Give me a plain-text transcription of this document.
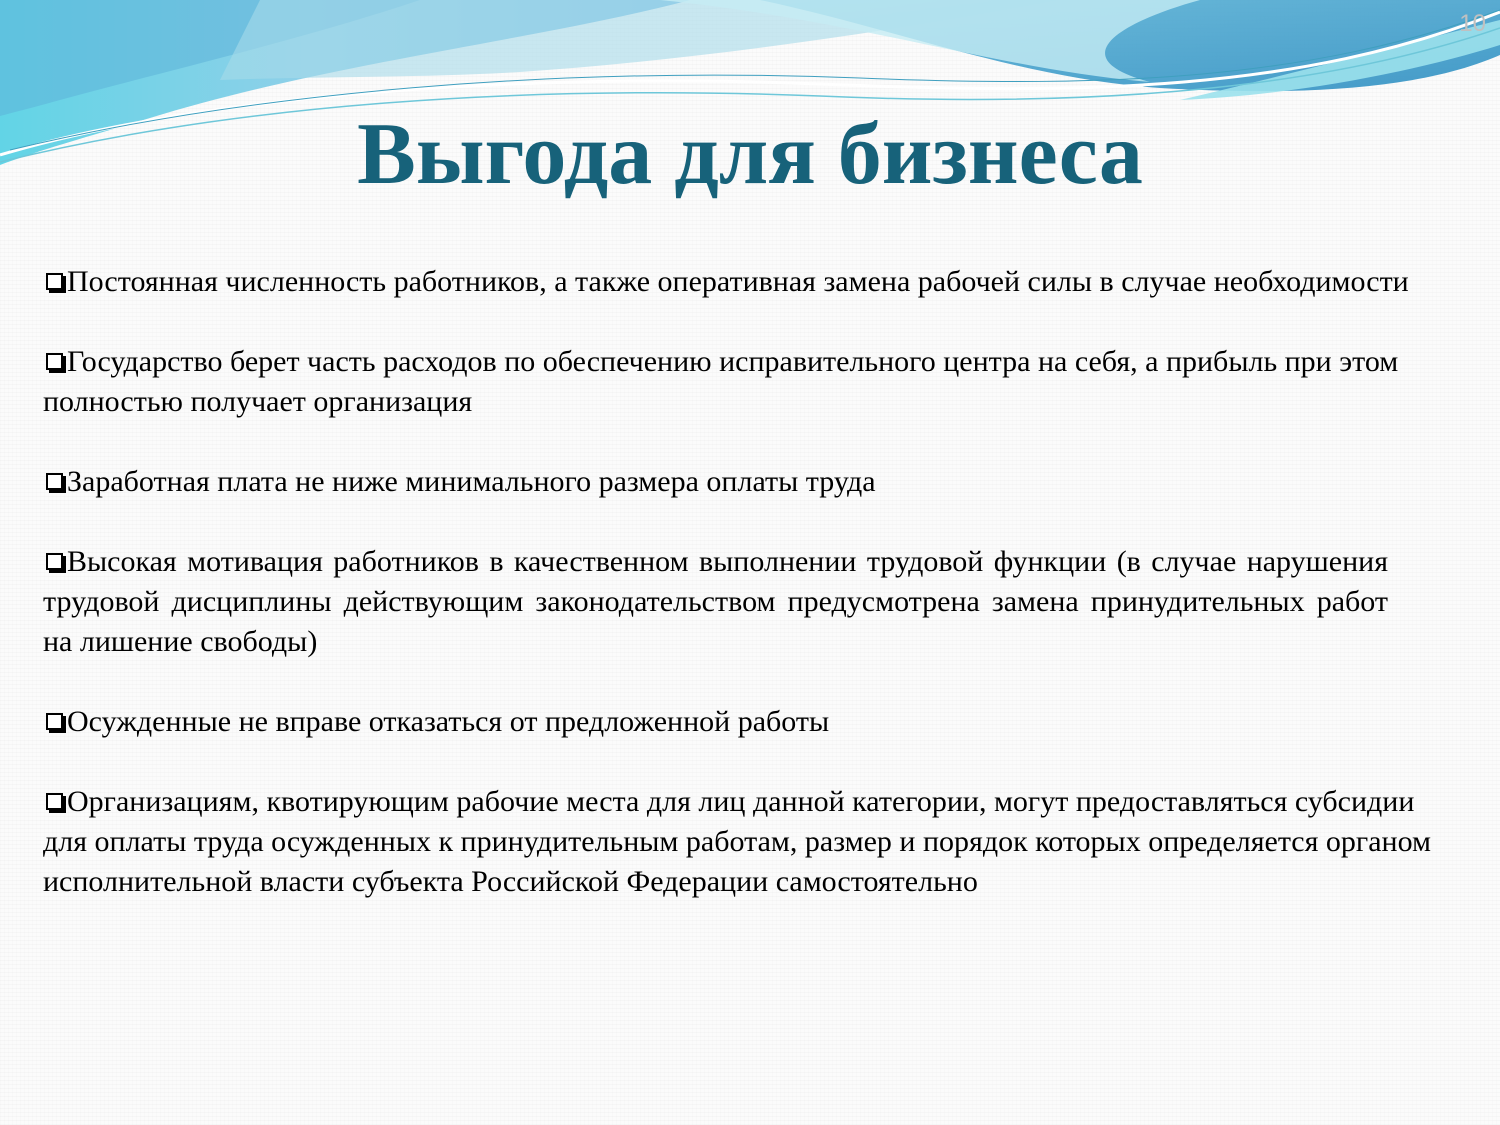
10
Выгода для бизнеса

Постоянная численность работников, а также оперативная замена рабочей силы в случае необходимости

Государство берет часть расходов по обеспечению исправительного центра на себя, а прибыль при этом полностью получает организация

Заработная плата не ниже минимального размера оплаты труда

Высокая мотивация работников в качественном выполнении трудовой функции (в случае нарушения трудовой дисциплины действующим законодательством предусмотрена замена принудительных работ на лишение свободы)

Осужденные не вправе отказаться от предложенной работы

Организациям, квотирующим рабочие места для лиц данной категории, могут предоставляться субсидии для оплаты труда осужденных к принудительным работам, размер и порядок которых определяется органом исполнительной власти субъекта Российской Федерации самостоятельно
